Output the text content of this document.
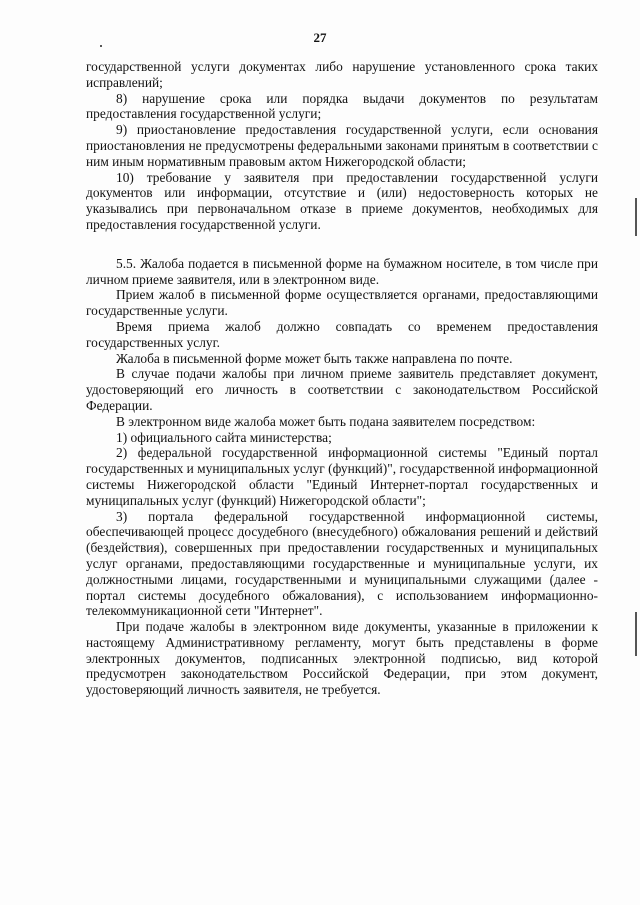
27

государственной услуги документах либо нарушение установленного срока таких исправлений;

8) нарушение срока или порядка выдачи документов по результатам предоставления государственной услуги;

9) приостановление предоставления государственной услуги, если основания приостановления не предусмотрены федеральными законами принятым в соответствии с ним иным нормативным правовым актом Нижегородской области;

10) требование у заявителя при предоставлении государственной услуги документов или информации, отсутствие и (или) недостоверность которых не указывались при первоначальном отказе в приеме документов, необходимых для предоставления государственной услуги.

5.5. Жалоба подается в письменной форме на бумажном носителе, в том числе при личном приеме заявителя, или в электронном виде.

Прием жалоб в письменной форме осуществляется органами, предоставляющими государственные услуги.

Время приема жалоб должно совпадать со временем предоставления государственных услуг.

Жалоба в письменной форме может быть также направлена по почте.

В случае подачи жалобы при личном приеме заявитель представляет документ, удостоверяющий его личность в соответствии с законодательством Российской Федерации.

В электронном виде жалоба может быть подана заявителем посредством:

1) официального сайта министерства;

2) федеральной государственной информационной системы "Единый портал государственных и муниципальных услуг (функций)", государственной информационной системы Нижегородской области "Единый Интернет-портал государственных и муниципальных услуг (функций) Нижегородской области";

3) портала федеральной государственной информационной системы, обеспечивающей процесс досудебного (внесудебного) обжалования решений и действий (бездействия), совершенных при предоставлении государственных и муниципальных услуг органами, предоставляющими государственные и муниципальные услуги, их должностными лицами, государственными и муниципальными служащими (далее - портал системы досудебного обжалования), с использованием информационно-телекоммуникационной сети "Интернет".

При подаче жалобы в электронном виде документы, указанные в приложении к настоящему Административному регламенту, могут быть представлены в форме электронных документов, подписанных электронной подписью, вид которой предусмотрен законодательством Российской Федерации, при этом документ, удостоверяющий личность заявителя, не требуется.
